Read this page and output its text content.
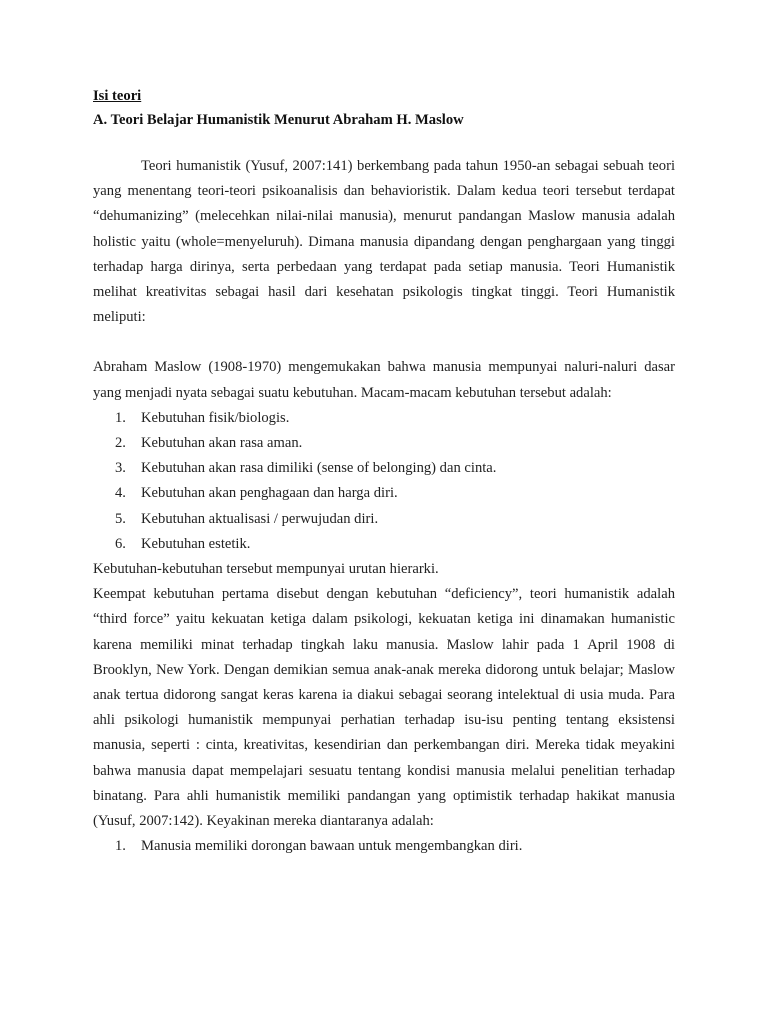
Isi teori
A. Teori Belajar Humanistik Menurut Abraham H. Maslow

Teori humanistik (Yusuf, 2007:141) berkembang pada tahun 1950-an sebagai sebuah teori yang menentang teori-teori psikoanalisis dan behavioristik. Dalam kedua teori tersebut terdapat “dehumanizing” (melecehkan nilai-nilai manusia), menurut pandangan Maslow manusia adalah holistic yaitu (whole=menyeluruh). Dimana manusia dipandang dengan penghargaan yang tinggi terhadap harga dirinya, serta perbedaan yang terdapat pada setiap manusia. Teori Humanistik melihat kreativitas sebagai hasil dari kesehatan psikologis tingkat tinggi. Teori Humanistik meliputi:

Abraham Maslow (1908-1970) mengemukakan bahwa manusia mempunyai naluri-naluri dasar yang menjadi nyata sebagai suatu kebutuhan. Macam-macam kebutuhan tersebut adalah:

1. Kebutuhan fisik/biologis.
2. Kebutuhan akan rasa aman.
3. Kebutuhan akan rasa dimiliki (sense of belonging) dan cinta.
4. Kebutuhan akan penghagaan dan harga diri.
5. Kebutuhan aktualisasi / perwujudan diri.
6. Kebutuhan estetik.

Kebutuhan-kebutuhan tersebut mempunyai urutan hierarki.

Keempat kebutuhan pertama disebut dengan kebutuhan “deficiency”, teori humanistik adalah “third force” yaitu kekuatan ketiga dalam psikologi, kekuatan ketiga ini dinamakan humanistic karena memiliki minat terhadap tingkah laku manusia. Maslow lahir pada 1 April 1908 di Brooklyn, New York. Dengan demikian semua anak-anak mereka didorong untuk belajar; Maslow anak tertua didorong sangat keras karena ia diakui sebagai seorang intelektual di usia muda. Para ahli psikologi humanistik mempunyai perhatian terhadap isu-isu penting tentang eksistensi manusia, seperti : cinta, kreativitas, kesendirian dan perkembangan diri. Mereka tidak meyakini bahwa manusia dapat mempelajari sesuatu tentang kondisi manusia melalui penelitian terhadap binatang. Para ahli humanistik memiliki pandangan yang optimistik terhadap hakikat manusia (Yusuf, 2007:142). Keyakinan mereka diantaranya adalah:

1. Manusia memiliki dorongan bawaan untuk mengembangkan diri.
